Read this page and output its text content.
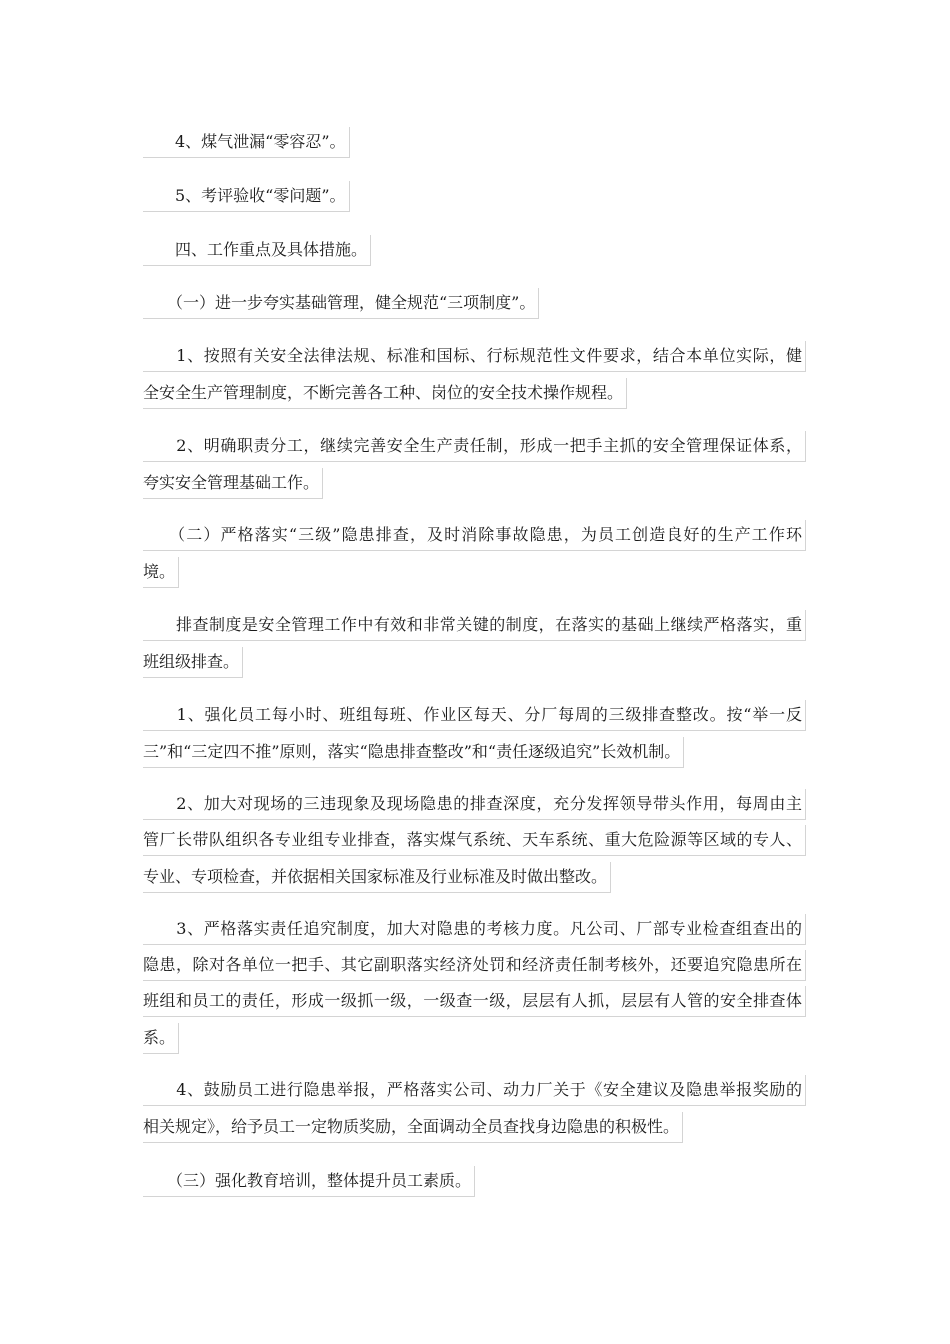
　　4、煤气泄漏“零容忍”。
　　5、考评验收“零问题”。
　　四、工作重点及具体措施。
　　（一）进一步夸实基础管理，健全规范“三项制度”。
　　1、按照有关安全法律法规、标准和国标、行标规范性文件要求，结合本单位实际，健
全安全生产管理制度，不断完善各工种、岗位的安全技术操作规程。
　　2、明确职责分工，继续完善安全生产责任制，形成一把手主抓的安全管理保证体系，
夸实安全管理基础工作。
　　（二）严格落实“三级”隐患排查，及时消除事故隐患，为员工创造良好的生产工作环
境。
　　排查制度是安全管理工作中有效和非常关键的制度，在落实的基础上继续严格落实，重
班组级排查。
　　1、强化员工每小时、班组每班、作业区每天、分厂每周的三级排查整改。按“举一反
三”和“三定四不推”原则，落实“隐患排查整改”和“责任逐级追究”长效机制。
　　2、加大对现场的三违现象及现场隐患的排查深度，充分发挥领导带头作用，每周由主
管厂长带队组织各专业组专业排查，落实煤气系统、天车系统、重大危险源等区域的专人、
专业、专项检查，并依据相关国家标准及行业标准及时做出整改。
　　3、严格落实责任追究制度，加大对隐患的考核力度。凡公司、厂部专业检查组查出的
隐患，除对各单位一把手、其它副职落实经济处罚和经济责任制考核外，还要追究隐患所在
班组和员工的责任，形成一级抓一级，一级查一级，层层有人抓，层层有人管的安全排查体
系。
　　4、鼓励员工进行隐患举报，严格落实公司、动力厂关于《安全建议及隐患举报奖励的
相关规定》，给予员工一定物质奖励，全面调动全员查找身边隐患的积极性。
　　（三）强化教育培训，整体提升员工素质。
